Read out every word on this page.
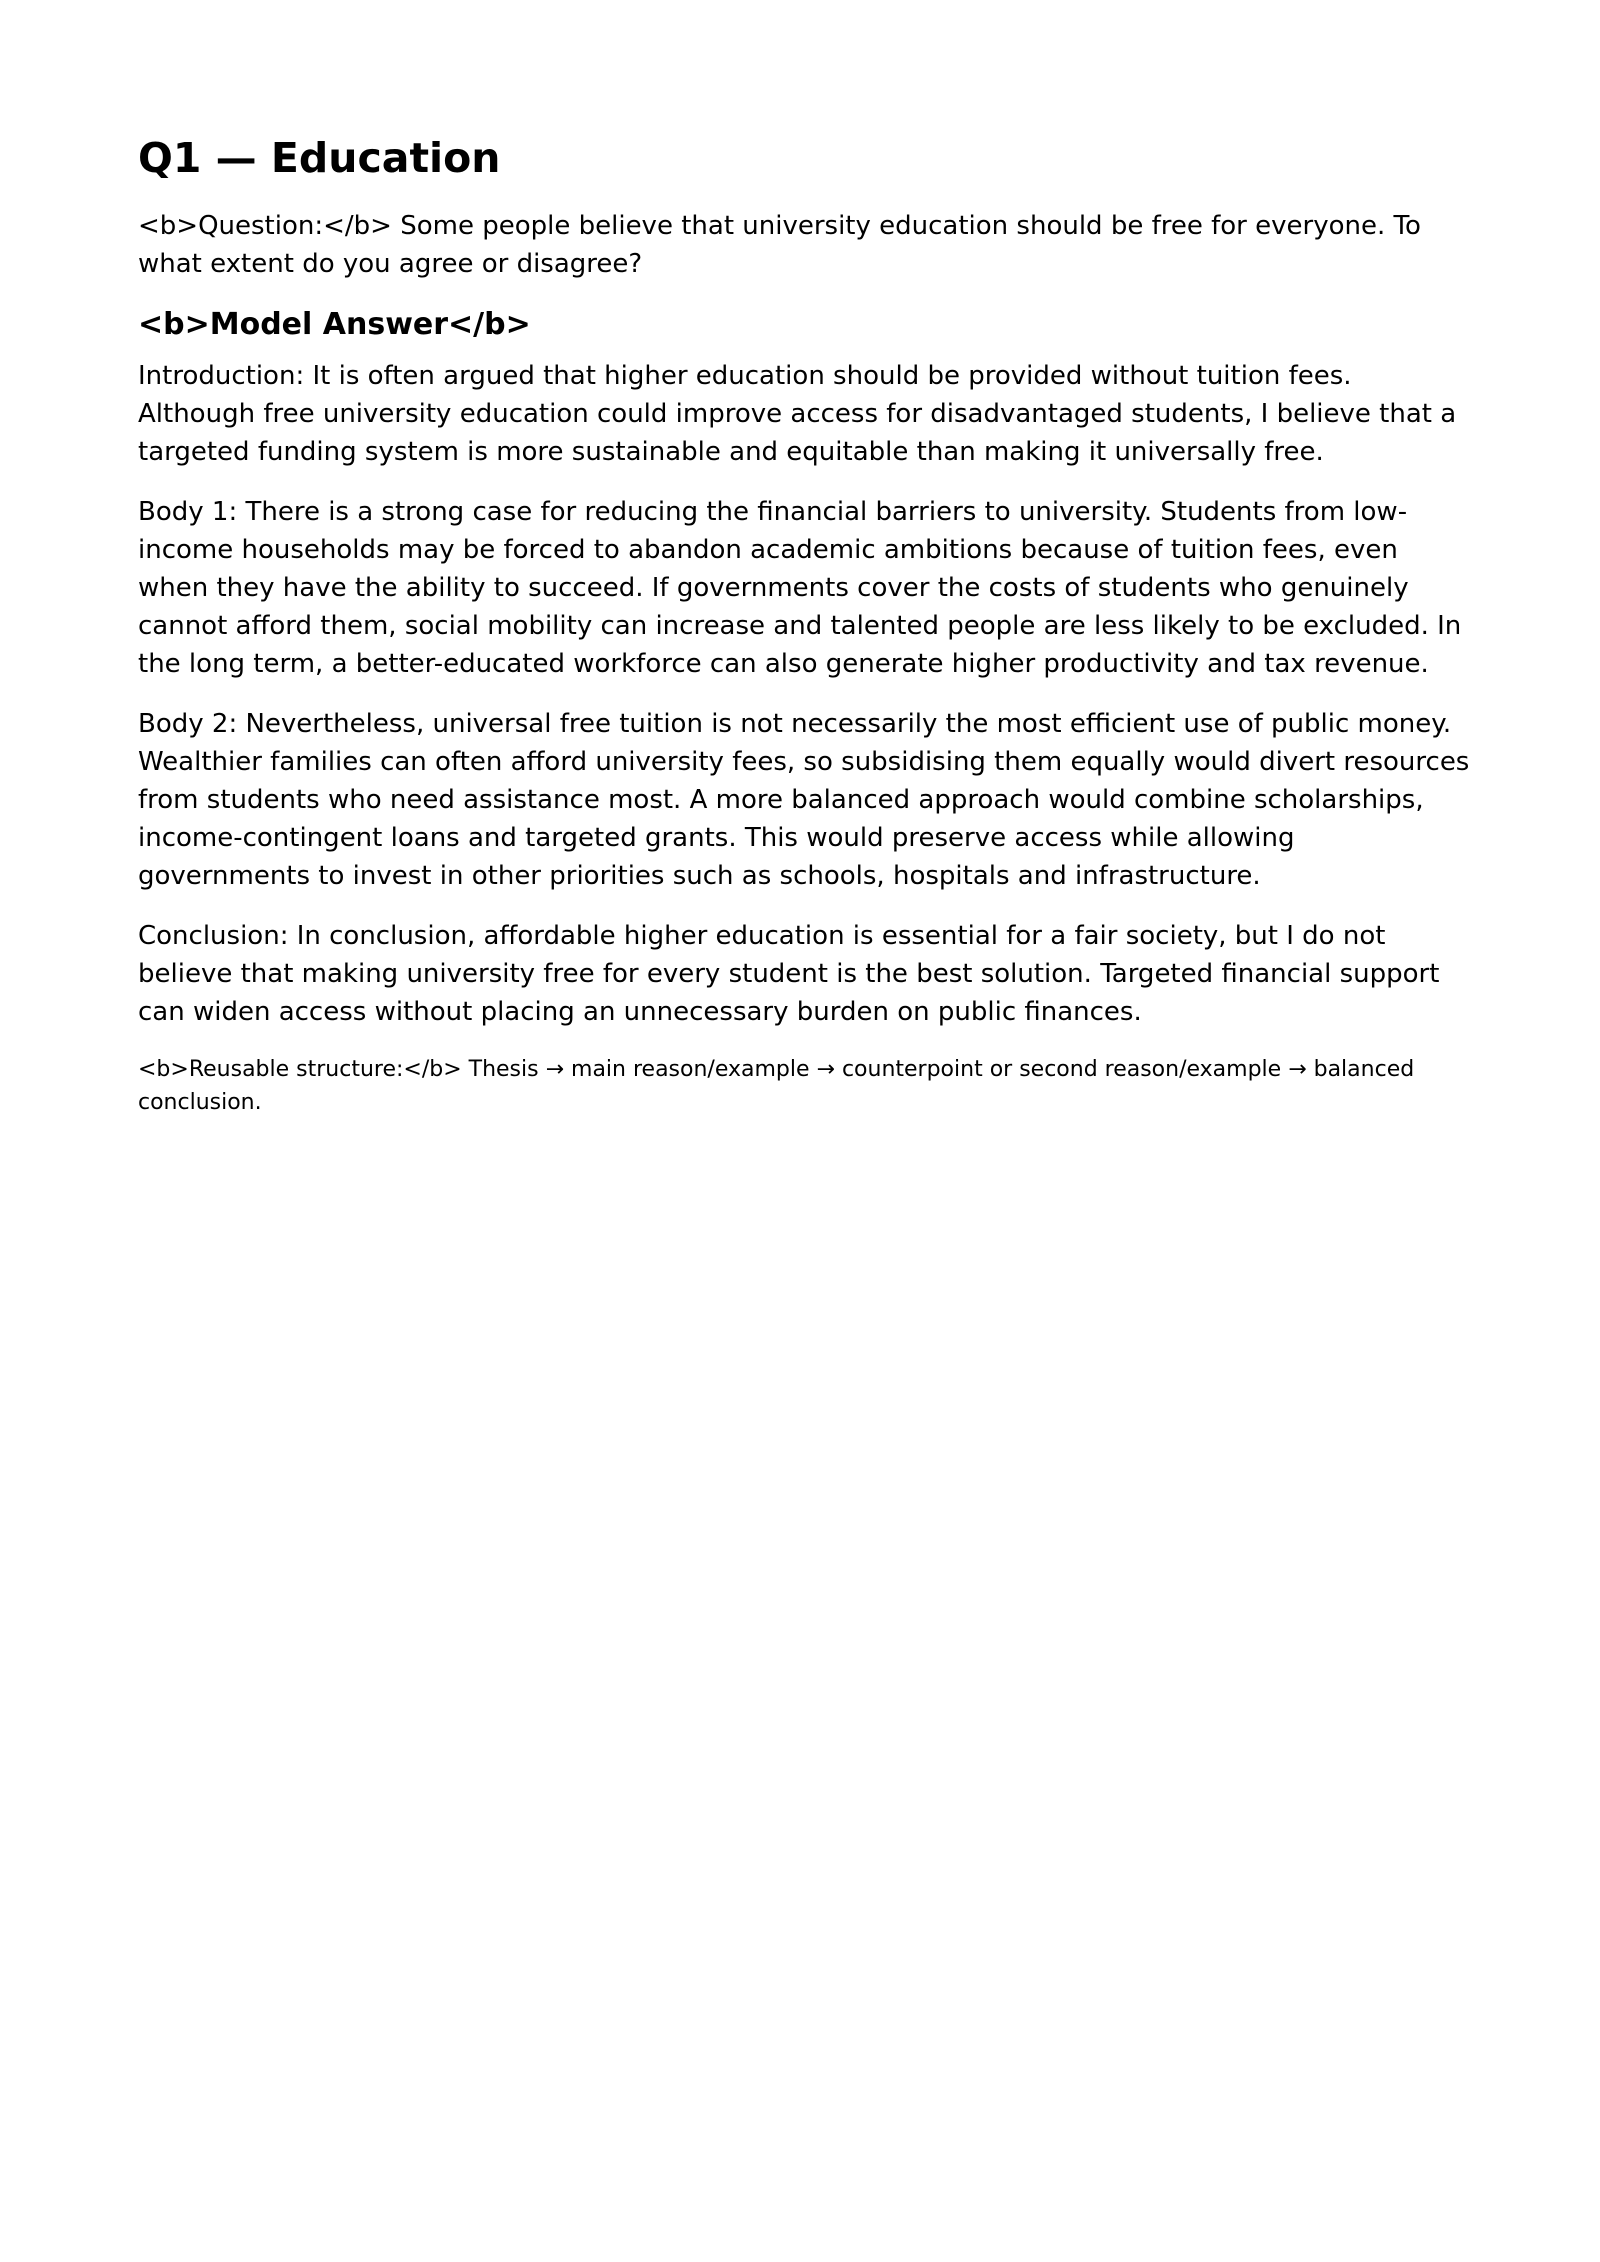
Q1 — Education

<b>Question:</b> Some people believe that university education should be free for everyone. To what extent do you agree or disagree?

<b>Model Answer</b>

Introduction: It is often argued that higher education should be provided without tuition fees. Although free university education could improve access for disadvantaged students, I believe that a targeted funding system is more sustainable and equitable than making it universally free.

Body 1: There is a strong case for reducing the financial barriers to university. Students from low-income households may be forced to abandon academic ambitions because of tuition fees, even when they have the ability to succeed. If governments cover the costs of students who genuinely cannot afford them, social mobility can increase and talented people are less likely to be excluded. In the long term, a better-educated workforce can also generate higher productivity and tax revenue.

Body 2: Nevertheless, universal free tuition is not necessarily the most efficient use of public money. Wealthier families can often afford university fees, so subsidising them equally would divert resources from students who need assistance most. A more balanced approach would combine scholarships, income-contingent loans and targeted grants. This would preserve access while allowing governments to invest in other priorities such as schools, hospitals and infrastructure.

Conclusion: In conclusion, affordable higher education is essential for a fair society, but I do not believe that making university free for every student is the best solution. Targeted financial support can widen access without placing an unnecessary burden on public finances.

<b>Reusable structure:</b> Thesis → main reason/example → counterpoint or second reason/example → balanced conclusion.
